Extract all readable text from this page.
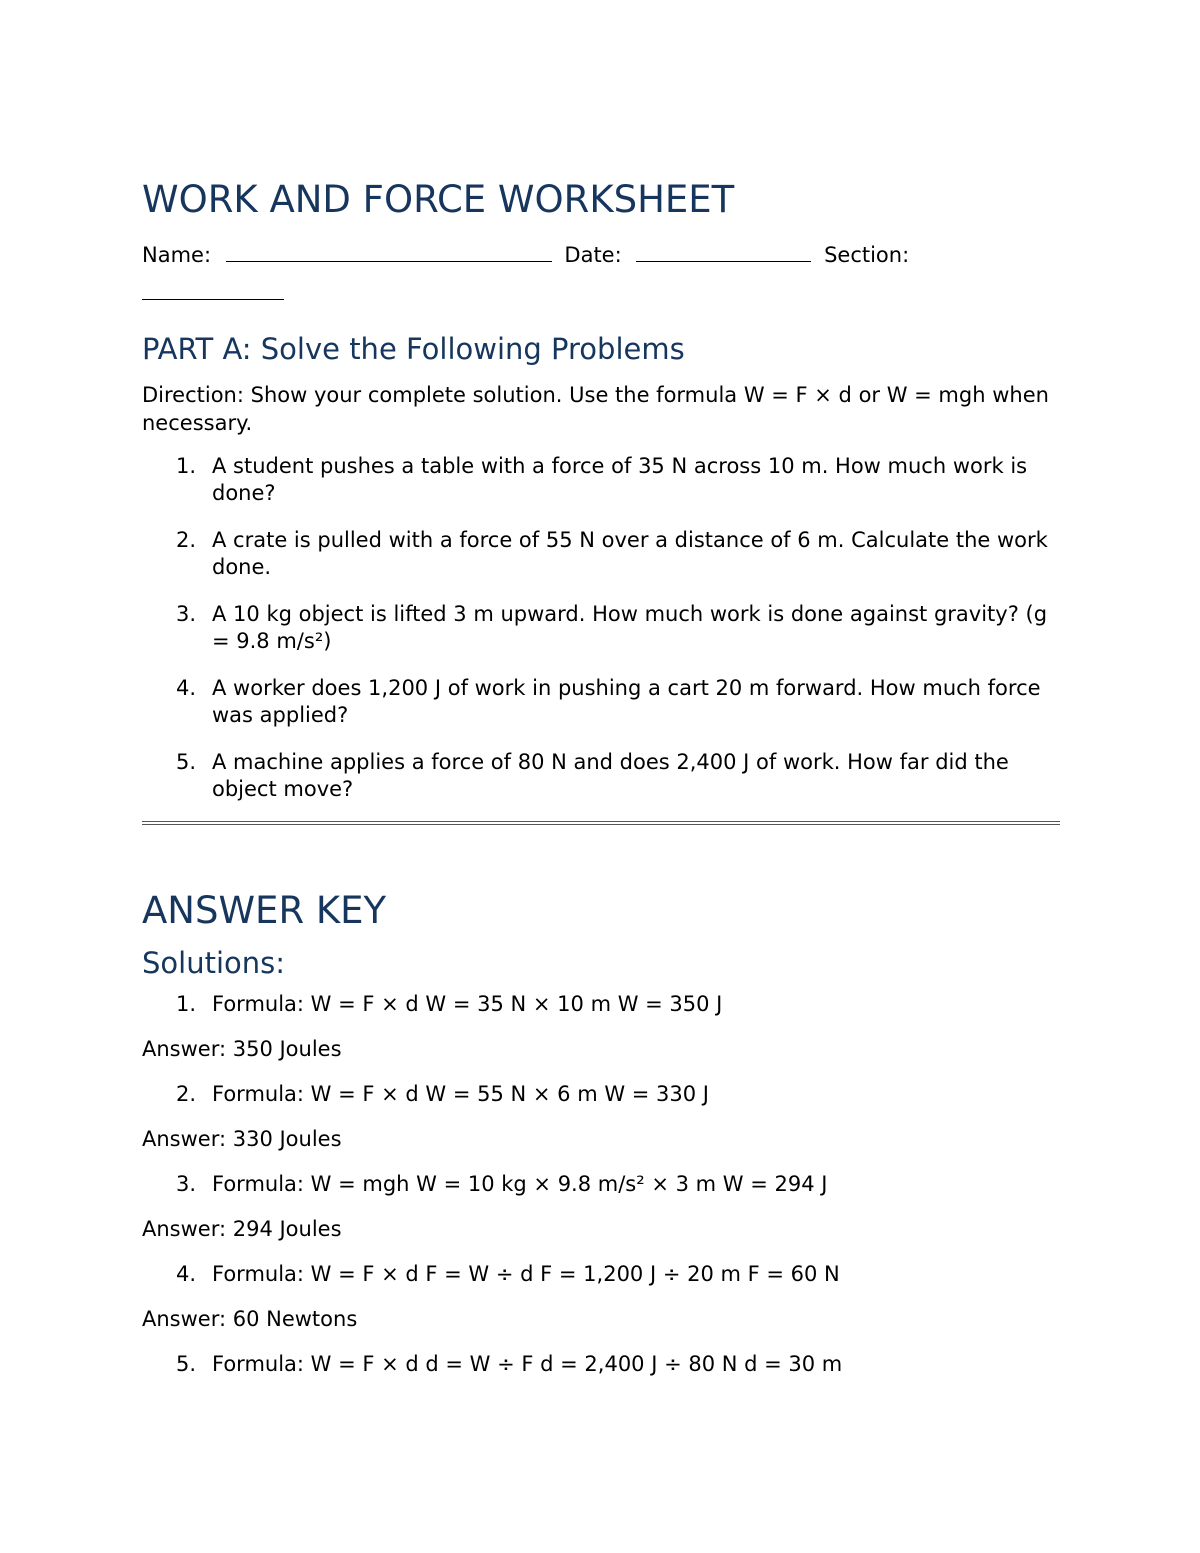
WORK AND FORCE WORKSHEET
Name:	Date:	Section:

PART A: Solve the Following Problems
Direction: Show your complete solution. Use the formula W = F × d or W = mgh when necessary.
1. A student pushes a table with a force of 35 N across 10 m. How much work is done?
2. A crate is pulled with a force of 55 N over a distance of 6 m. Calculate the work done.
3. A 10 kg object is lifted 3 m upward. How much work is done against gravity? (g = 9.8 m/s²)
4. A worker does 1,200 J of work in pushing a cart 20 m forward. How much force was applied?
5. A machine applies a force of 80 N and does 2,400 J of work. How far did the object move?
ANSWER KEY
Solutions:
1. Formula: W = F × d W = 35 N × 10 m W = 350 J
Answer: 350 Joules
2. Formula: W = F × d W = 55 N × 6 m W = 330 J
Answer: 330 Joules
3. Formula: W = mgh W = 10 kg × 9.8 m/s² × 3 m W = 294 J
Answer: 294 Joules
4. Formula: W = F × d F = W ÷ d F = 1,200 J ÷ 20 m F = 60 N
Answer: 60 Newtons
5. Formula: W = F × d d = W ÷ F d = 2,400 J ÷ 80 N d = 30 m
